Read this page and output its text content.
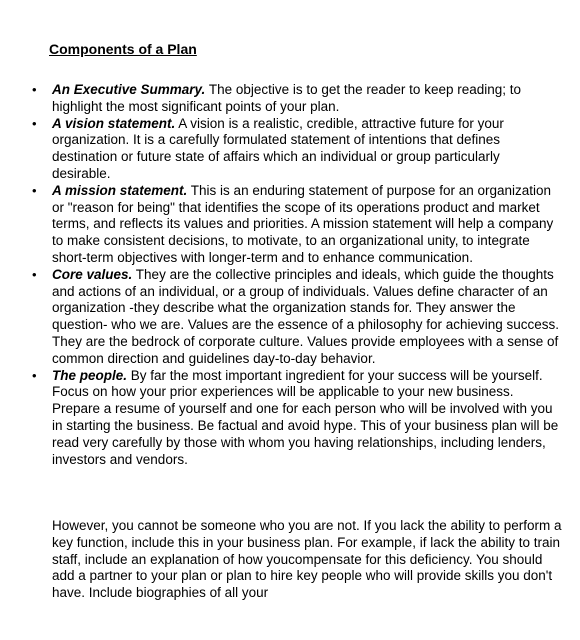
Components of a Plan
• An Executive Summary. The objective is to get the reader to keep reading; to highlight the most significant points of your plan.
• A vision statement. A vision is a realistic, credible, attractive future for your organization. It is a carefully formulated statement of intentions that defines destination or future state of affairs which an individual or group particularly desirable.
• A mission statement. This is an enduring statement of purpose for an organization or "reason for being" that identifies the scope of its operations product and market terms, and reflects its values and priorities. A mission statement will help a company to make consistent decisions, to motivate, to an organizational unity, to integrate short-term objectives with longer-term and to enhance communication.
• Core values. They are the collective principles and ideals, which guide the thoughts and actions of an individual, or a group of individuals. Values define character of an organization -they describe what the organization stands for. They answer the question- who we are. Values are the essence of a philosophy for achieving success. They are the bedrock of corporate culture. Values provide employees with a sense of common direction and guidelines day-to-day behavior.
• The people. By far the most important ingredient for your success will be yourself. Focus on how your prior experiences will be applicable to your new business. Prepare a resume of yourself and one for each person who will be involved with you in starting the business. Be factual and avoid hype. This of your business plan will be read very carefully by those with whom you having relationships, including lenders, investors and vendors.

However, you cannot be someone who you are not. If you lack the ability to perform a key function, include this in your business plan. For example, if lack the ability to train staff, include an explanation of how youcompensate for this deficiency. You should add a partner to your plan or plan to hire key people who will provide skills you don't have. Include biographies of all your
